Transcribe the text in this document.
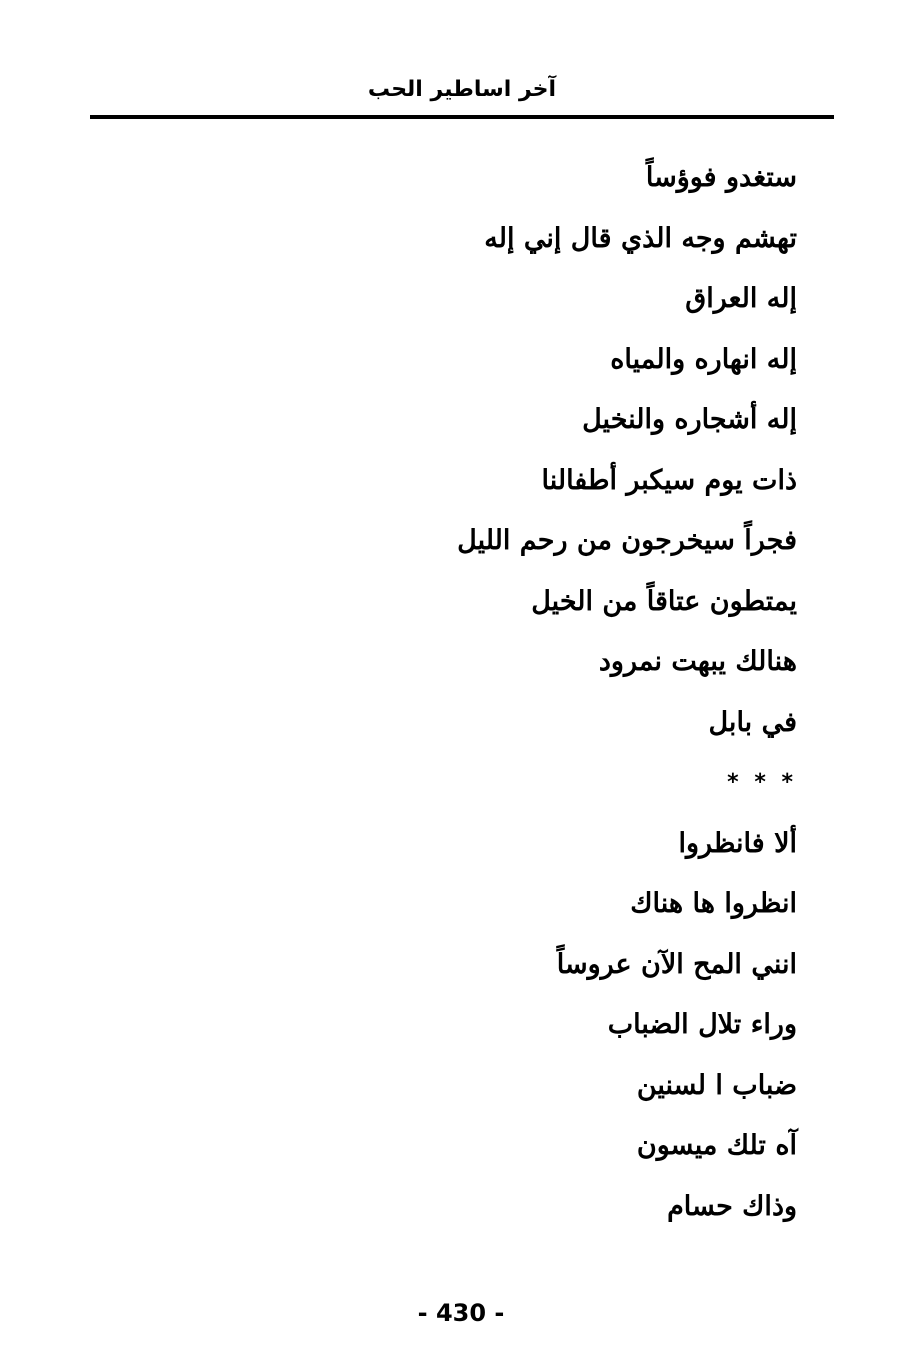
آخر اساطير الحب
ستغدو فوؤساً
تهشم وجه الذي قال إني إله
إله العراق
إله انهاره والمياه
إله أشجاره والنخيل
ذات يوم سيكبر أطفالنا
فجراً سيخرجون من رحم الليل
يمتطون عتاقاً من الخيل
هنالك يبهت نمرود
في بابل
* * *
ألا فانظروا
انظروا ها هناك
انني المح الآن عروساً
وراء تلال الضباب
ضباب ا لسنين
آه تلك ميسون
وذاك حسام
- 430 -
